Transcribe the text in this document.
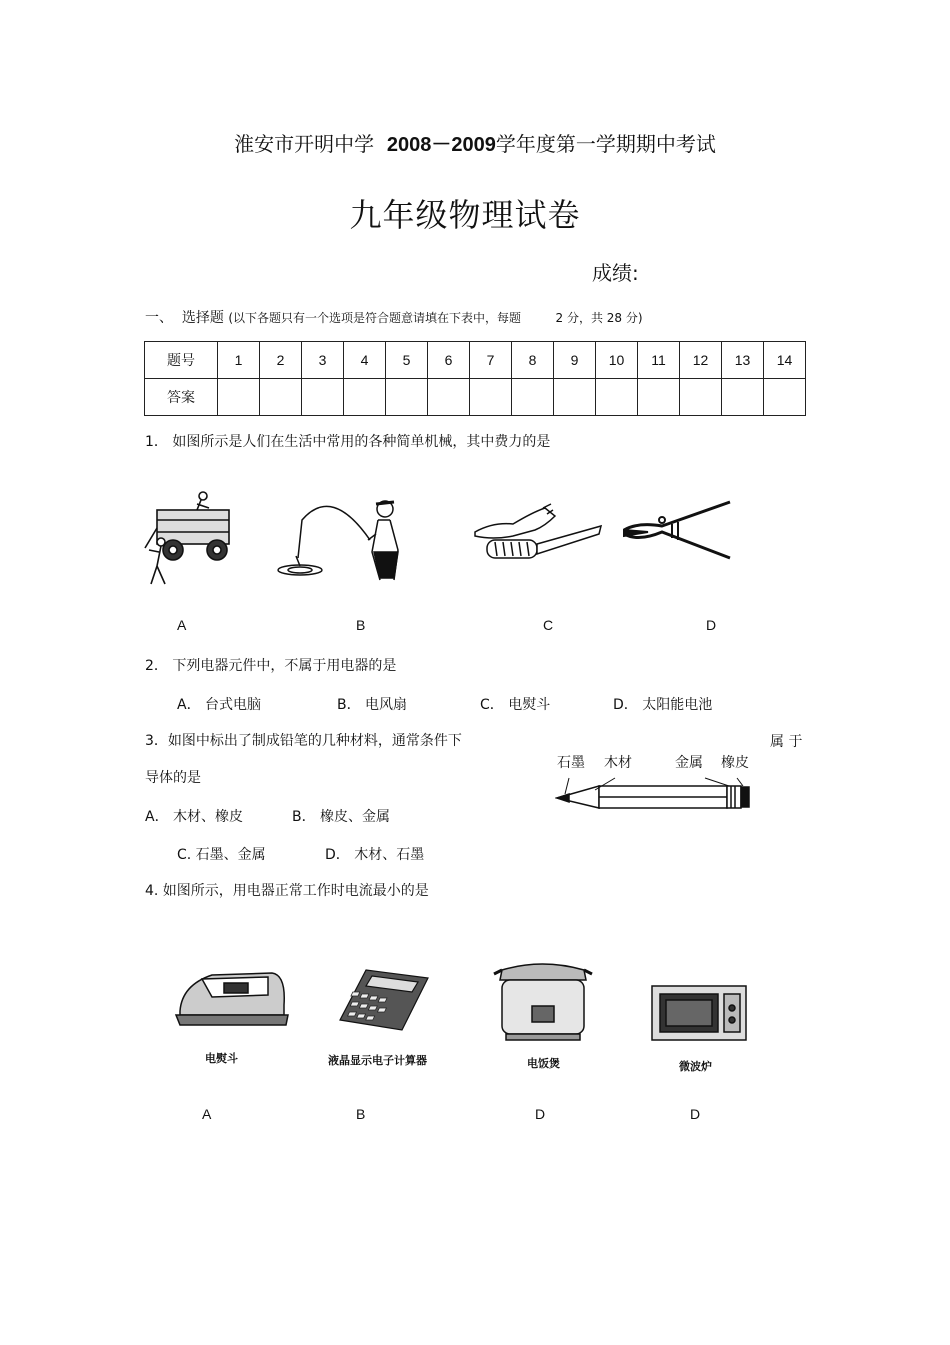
淮安市开明中学 2008－2009学年度第一学期期中考试
九年级物理试卷
成绩:
一、 选择题 (以下各题只有一个选项是符合题意请填在下表中，每题	2 分，共 28 分)
题号	1	2	3	4	5	6	7	8	9	10	11	12	13	14
答案														
1． 如图所示是人们在生活中常用的各种简单机械，其中费力的是
A	B	C	D
2． 下列电器元件中，不属于用电器的是
A． 台式电脑	B． 电风扇	C． 电熨斗	D． 太阳能电池
3．如图中标出了制成铅笔的几种材料，通常条件下	属 于
导体的是
石墨 木材	金属 橡皮
A． 木材、橡皮	B． 橡皮、金属
C. 石墨、金属	D． 木材、石墨
4. 如图所示，用电器正常工作时电流最小的是
电熨斗	液晶显示电子计算器	电饭煲	微波炉
A	B	D	D
